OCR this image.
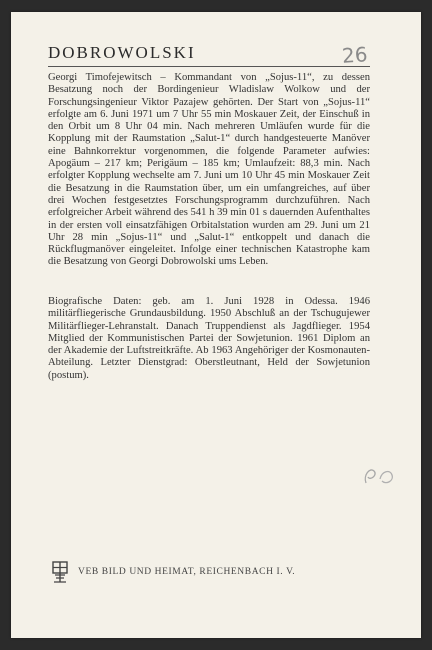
DOBROWOLSKI	26

Georgi Timofejewitsch – Kommandant von „Sojus-11“, zu dessen Besatzung noch der Bordingenieur Wladislaw Wolkow und der Forschungsingenieur Viktor Pazajew gehörten. Der Start von „Sojus-11“ erfolgte am 6. Juni 1971 um 7 Uhr 55 min Moskauer Zeit, der Einschuß in den Orbit um 8 Uhr 04 min. Nach mehreren Umläufen wurde für die Kopplung mit der Raumstation „Salut-1“ durch handgesteuerte Manöver eine Bahnkorrektur vorgenommen, die folgende Parameter aufwies: Apogäum – 217 km; Perigäum – 185 km; Umlaufzeit: 88,3 min. Nach erfolgter Kopplung wechselte am 7. Juni um 10 Uhr 45 min Moskauer Zeit die Besatzung in die Raumstation über, um ein umfangreiches, auf über drei Wochen festgesetztes Forschungsprogramm durchzuführen. Nach erfolgreicher Arbeit während des 541 h 39 min 01 s dauernden Aufenthaltes in der ersten voll einsatzfähigen Orbitalstation wurden am 29. Juni um 21 Uhr 28 min „Sojus-11“ und „Salut-1“ entkoppelt und danach die Rückflugmanöver eingeleitet. Infolge einer technischen Katastrophe kam die Besatzung von Georgi Dobrowolski ums Leben.

Biografische Daten: geb. am 1. Juni 1928 in Odessa. 1946 militärfliegerische Grundausbildung. 1950 Abschluß an der Tschugujewer Militärflieger-Lehranstalt. Danach Truppendienst als Jagdflieger. 1954 Mitglied der Kommunistischen Partei der Sowjetunion. 1961 Diplom an der Akademie der Luftstreitkräfte. Ab 1963 Angehöriger der Kosmonauten-Abteilung. Letzter Dienstgrad: Oberstleutnant, Held der Sowjetunion (postum).

VEB BILD UND HEIMAT, REICHENBACH I. V.
